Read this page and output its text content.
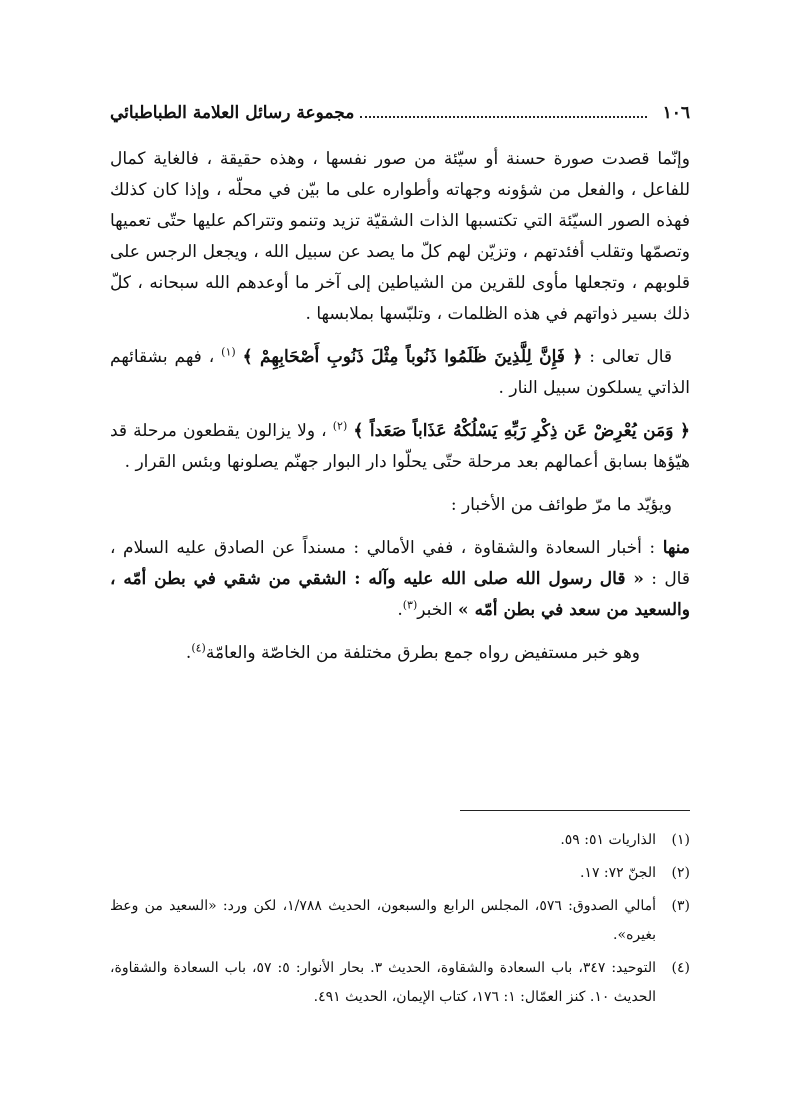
١٠٦
مجموعة رسائل العلامة الطباطبائي

وإنّما قصدت صورة حسنة أو سيّئة من صور نفسها ، وهذه حقيقة ، فالغاية كمال للفاعل ، والفعل من شؤونه وجهاته وأطواره على ما بيّن في محلّه ، وإذا كان كذلك فهذه الصور السيّئة التي تكتسبها الذات الشقيّة تزيد وتنمو وتتراكم عليها حتّى تعميها وتصمّها وتقلب أفئدتهم ، وتزيّن لهم كلّ ما يصد عن سبيل الله ، ويجعل الرجس على قلوبهم ، وتجعلها مأوى للقرين من الشياطين إلى آخر ما أوعدهم الله سبحانه ، كلّ ذلك بسير ذواتهم في هذه الظلمات ، وتلبّسها بملابسها .

قال تعالى : ﴿ فَإِنَّ لِلَّذِينَ ظَلَمُوا ذَنُوباً مِثْلَ ذَنُوبِ أَصْحَابِهِمْ ﴾ $^{(١)}$ ، فهم بشقائهم الذاتي يسلكون سبيل النار .

﴿ وَمَن يُعْرِضْ عَن ذِكْرِ رَبِّهِ يَسْلُكْهُ عَذَاباً صَعَداً ﴾ $^{(٢)}$ ، ولا يزالون يقطعون مرحلة قد هيّؤها بسابق أعمالهم بعد مرحلة حتّى يحلّوا دار البوار جهنّم يصلونها وبئس القرار .

ويؤيّد ما مرّ طوائف من الأخبار :

منها : أخبار السعادة والشقاوة ، ففي الأمالي : مسنداً عن الصادق عليه السلام ، قال : « قال رسول الله صلى الله عليه وآله : الشقي من شقي في بطن أمّه ، والسعيد من سعد في بطن أمّه » الخبر$^{(٣)}$.

وهو خبر مستفيض رواه جمع بطرق مختلفة من الخاصّة والعامّة$^{(٤)}$.

(١)
الذاريات ٥١: ٥٩.
(٢)
الجنّ ٧٢: ١٧.
(٣)
أمالي الصدوق: ٥٧٦، المجلس الرابع والسبعون، الحديث ١/٧٨٨، لكن ورد: «السعيد من وعظ بغيره».
(٤)
التوحيد: ٣٤٧، باب السعادة والشقاوة، الحديث ٣. بحار الأنوار: ٥: ٥٧، باب السعادة والشقاوة، الحديث ١٠. كنز العمّال: ١: ١٧٦، كتاب الإيمان، الحديث ٤٩١.
